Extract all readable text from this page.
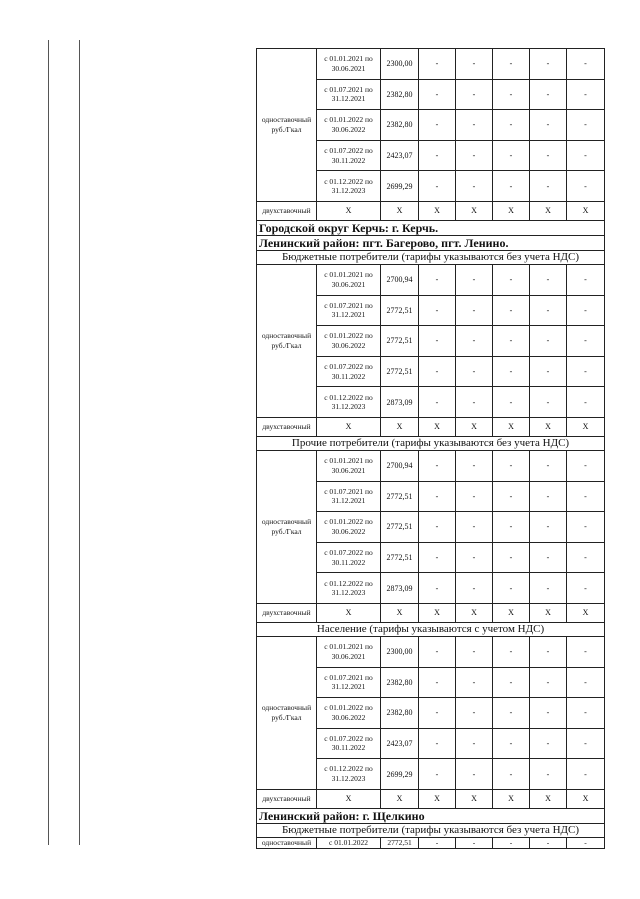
одноставочный
руб./Гкал	с 01.01.2021 по 30.06.2021	2300,00	-	-	-	-	-
	с 01.07.2021 по 31.12.2021	2382,80	-	-	-	-	-
	с 01.01.2022 по 30.06.2022	2382,80	-	-	-	-	-
	с 01.07.2022 по 30.11.2022	2423,07	-	-	-	-	-
	с 01.12.2022 по 31.12.2023	2699,29	-	-	-	-	-
двухставочный	X	X	X	X	X	X	X
Городской округ Керчь: г. Керчь.							
Ленинский район: пгт. Багерово, пгт. Ленино.							
Бюджетные потребители (тарифы указываются без учета НДС)							
одноставочный
руб./Гкал	с 01.01.2021 по 30.06.2021	2700,94	-	-	-	-	-
	с 01.07.2021 по 31.12.2021	2772,51	-	-	-	-	-
	с 01.01.2022 по 30.06.2022	2772,51	-	-	-	-	-
	с 01.07.2022 по 30.11.2022	2772,51	-	-	-	-	-
	с 01.12.2022 по 31.12.2023	2873,09	-	-	-	-	-
двухставочный	X	X	X	X	X	X	X
Прочие потребители (тарифы указываются без учета НДС)							
одноставочный
руб./Гкал	с 01.01.2021 по 30.06.2021	2700,94	-	-	-	-	-
	с 01.07.2021 по 31.12.2021	2772,51	-	-	-	-	-
	с 01.01.2022 по 30.06.2022	2772,51	-	-	-	-	-
	с 01.07.2022 по 30.11.2022	2772,51	-	-	-	-	-
	с 01.12.2022 по 31.12.2023	2873,09	-	-	-	-	-
двухставочный	X	X	X	X	X	X	X
Население (тарифы указываются с учетом НДС)							
одноставочный
руб./Гкал	с 01.01.2021 по 30.06.2021	2300,00	-	-	-	-	-
	с 01.07.2021 по 31.12.2021	2382,80	-	-	-	-	-
	с 01.01.2022 по 30.06.2022	2382,80	-	-	-	-	-
	с 01.07.2022 по 30.11.2022	2423,07	-	-	-	-	-
	с 01.12.2022 по 31.12.2023	2699,29	-	-	-	-	-
двухставочный	X	X	X	X	X	X	X
Ленинский район: г. Щелкино							
Бюджетные потребители (тарифы указываются без учета НДС)							
одноставочный	с 01.01.2022	2772,51	-	-	-	-	-
